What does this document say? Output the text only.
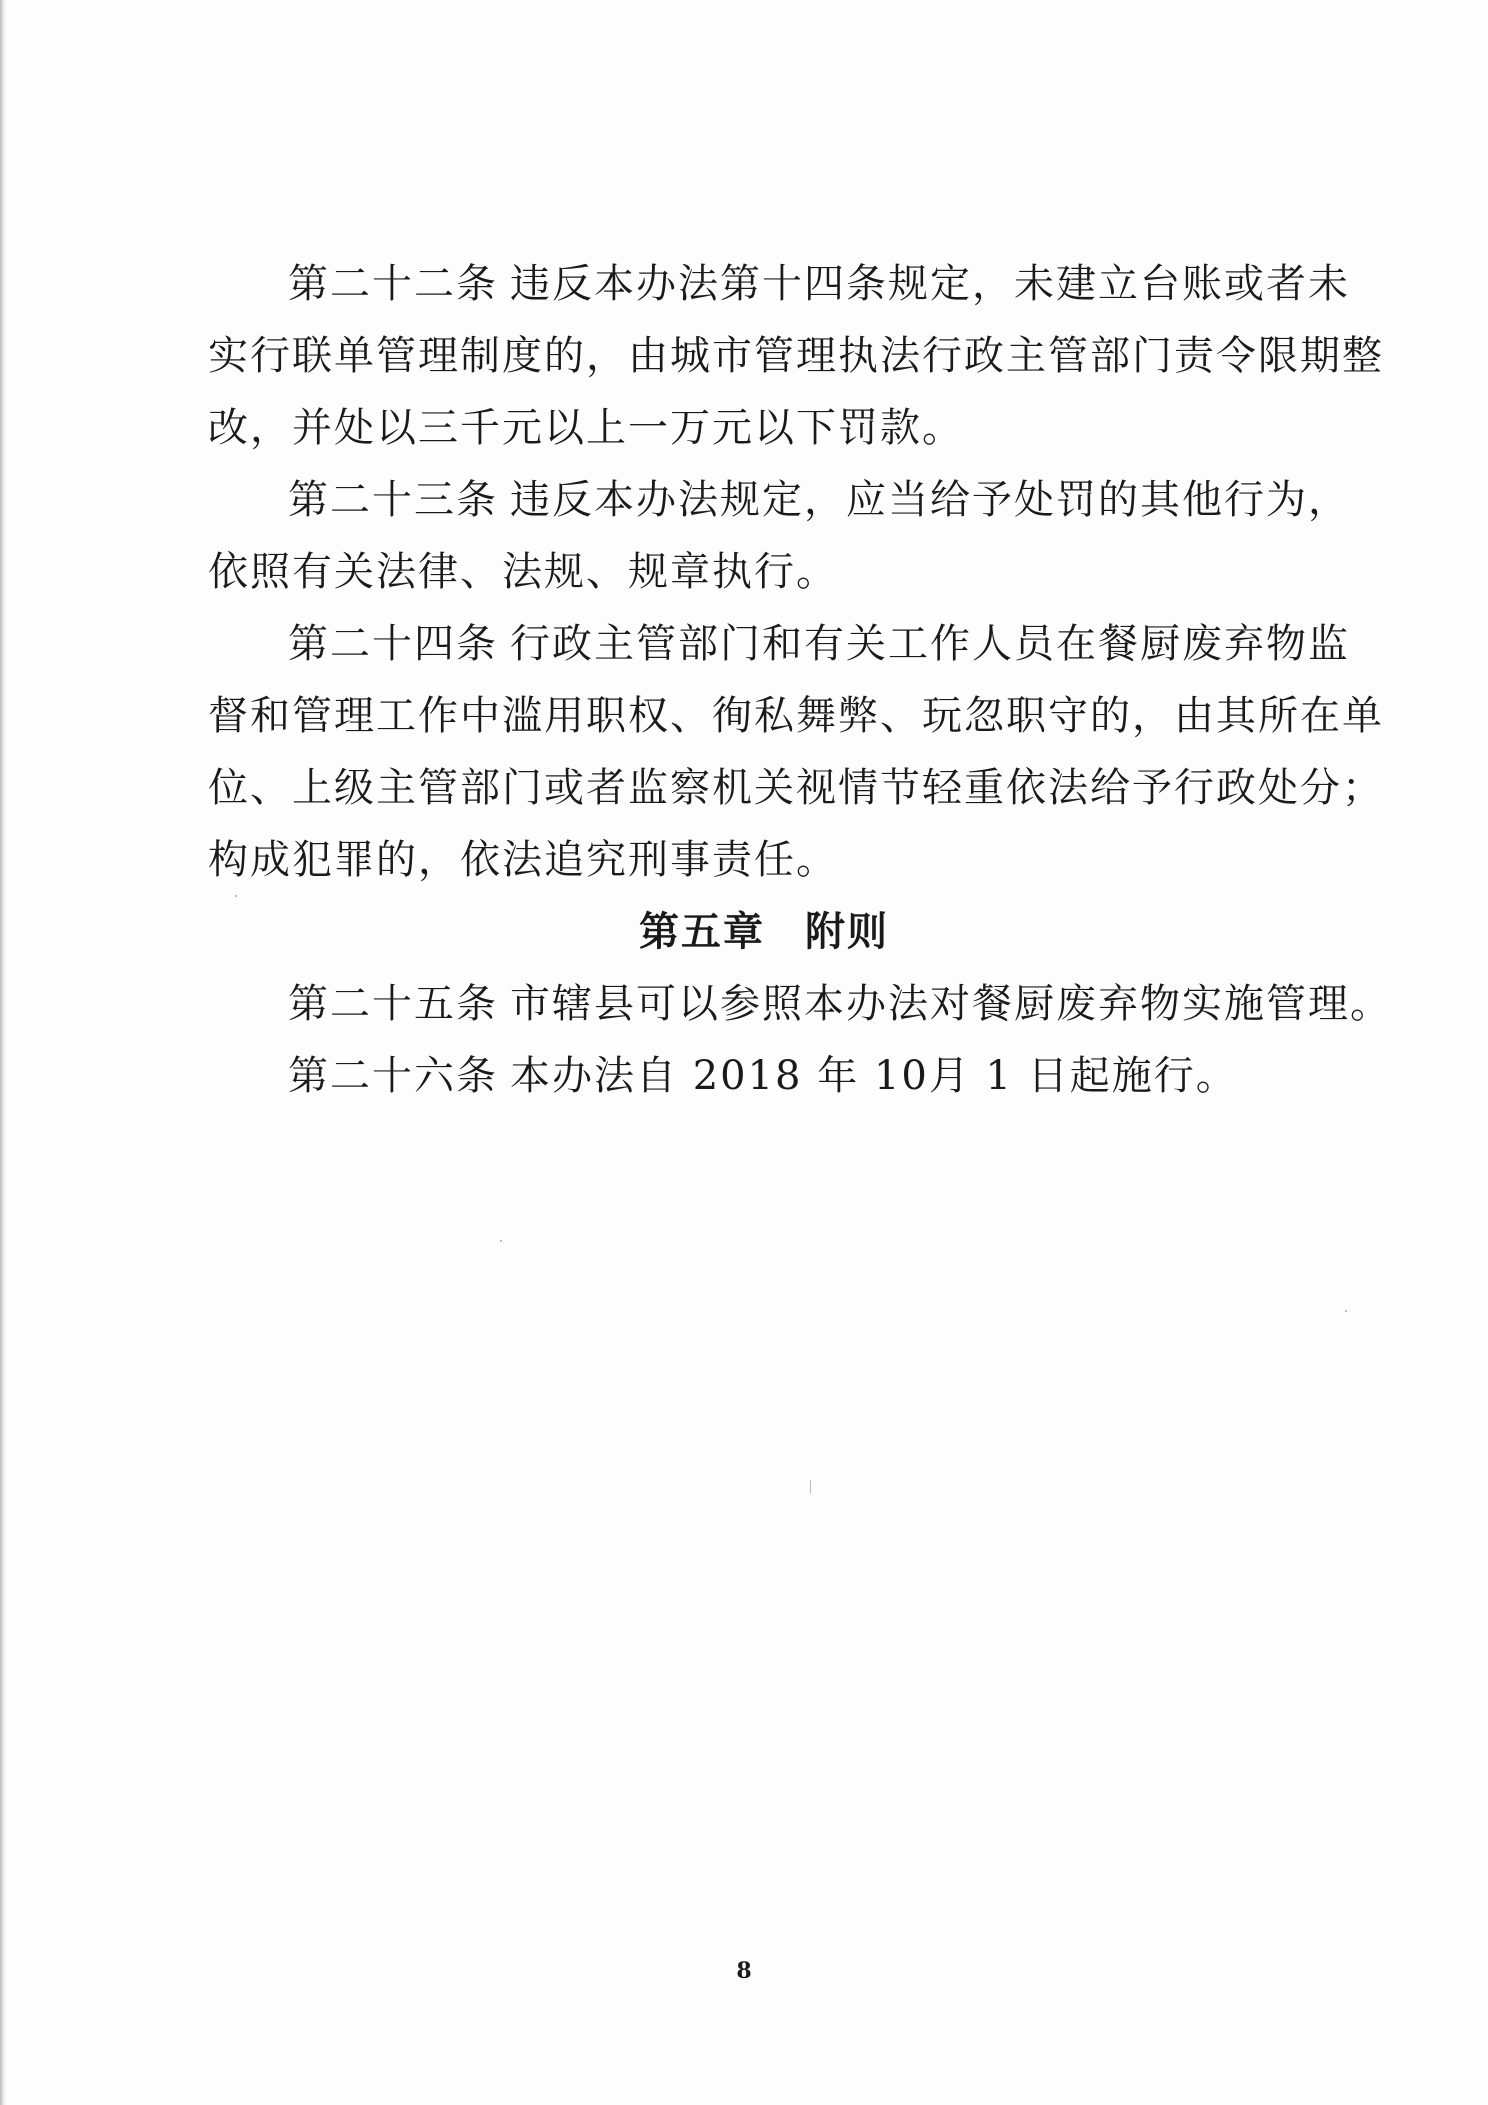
第二十二条 违反本办法第十四条规定，未建立台账或者未
实行联单管理制度的，由城市管理执法行政主管部门责令限期整
改，并处以三千元以上一万元以下罚款。
第二十三条 违反本办法规定，应当给予处罚的其他行为，
依照有关法律、法规、规章执行。
第二十四条 行政主管部门和有关工作人员在餐厨废弃物监
督和管理工作中滥用职权、徇私舞弊、玩忽职守的，由其所在单
位、上级主管部门或者监察机关视情节轻重依法给予行政处分；
构成犯罪的，依法追究刑事责任。
第五章 附则
第二十五条 市辖县可以参照本办法对餐厨废弃物实施管理。
第二十六条 本办法自 2018 年 10月 1 日起施行。
8
